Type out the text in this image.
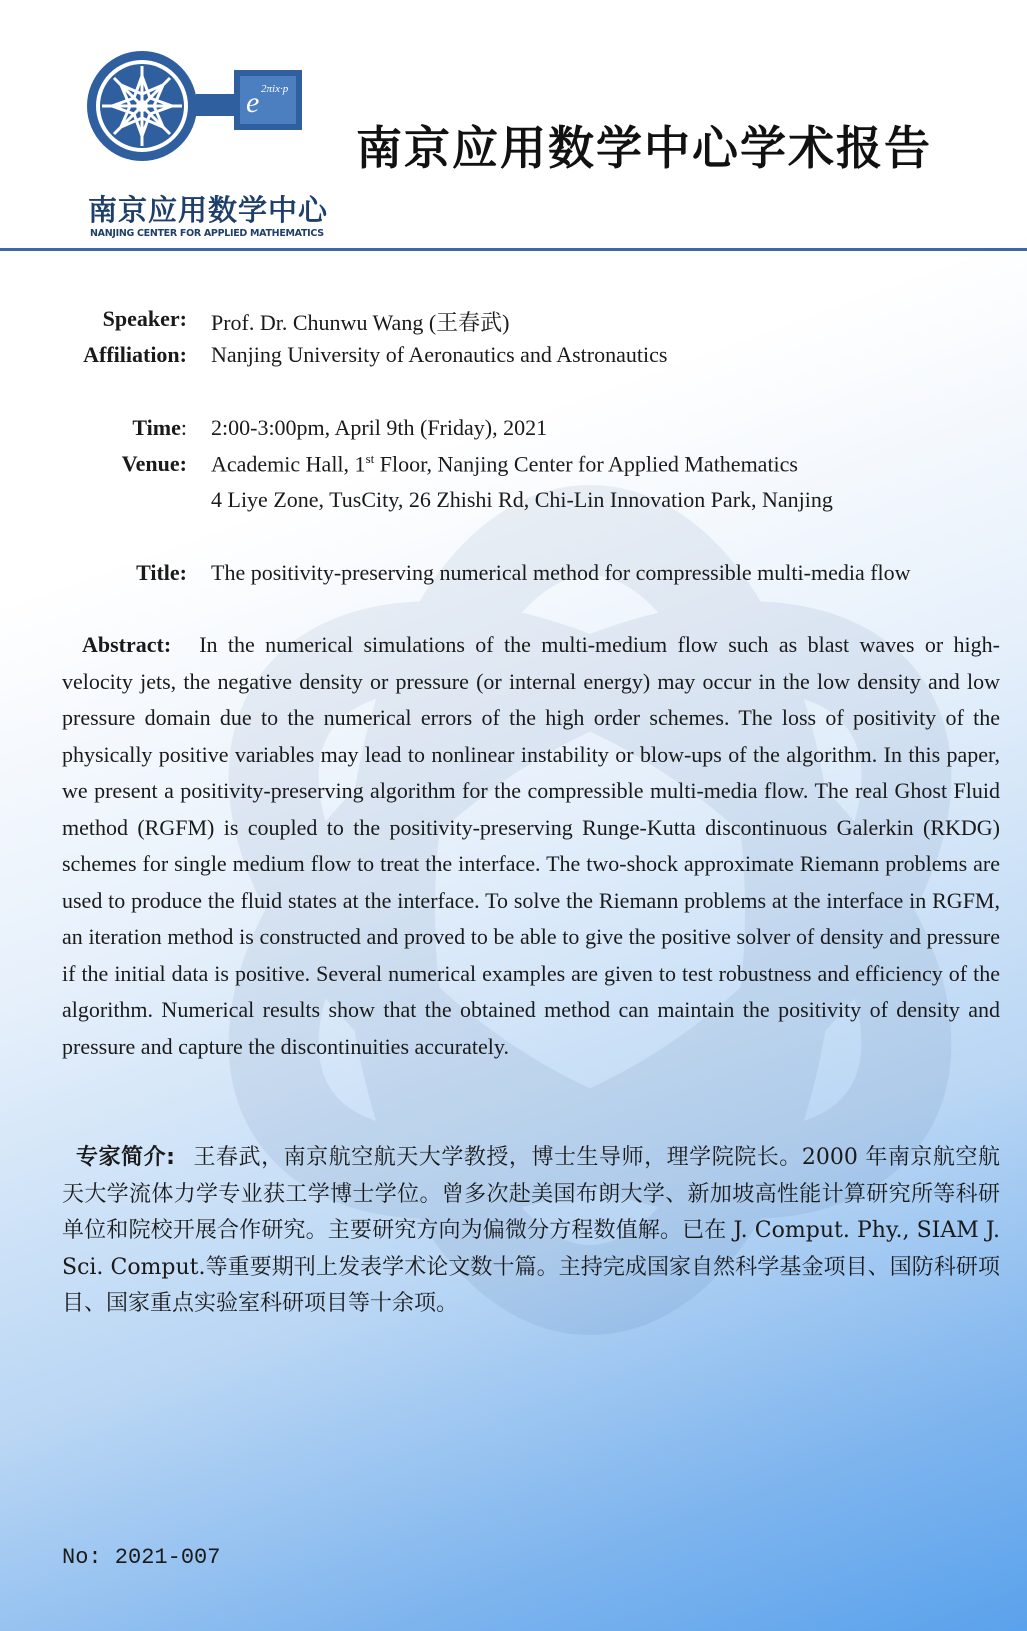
e 2πix·p
南京应用数学中心
NANJING CENTER FOR APPLIED MATHEMATICS
南京应用数学中心学术报告
Speaker: Prof. Dr. Chunwu Wang (王春武)
Affiliation: Nanjing University of Aeronautics and Astronautics
Time: 2:00-3:00pm, April 9th (Friday), 2021
Venue: Academic Hall, 1st Floor, Nanjing Center for Applied Mathematics
4 Liye Zone, TusCity, 26 Zhishi Rd, Chi-Lin Innovation Park, Nanjing
Title: The positivity-preserving numerical method for compressible multi-media flow
Abstract: In the numerical simulations of the multi-medium flow such as blast waves or high-velocity jets, the negative density or pressure (or internal energy) may occur in the low density and low pressure domain due to the numerical errors of the high order schemes. The loss of positivity of the physically positive variables may lead to nonlinear instability or blow-ups of the algorithm. In this paper, we present a positivity-preserving algorithm for the compressible multi-media flow. The real Ghost Fluid method (RGFM) is coupled to the positivity-preserving Runge-Kutta discontinuous Galerkin (RKDG) schemes for single medium flow to treat the interface. The two-shock approximate Riemann problems are used to produce the fluid states at the interface. To solve the Riemann problems at the interface in RGFM, an iteration method is constructed and proved to be able to give the positive solver of density and pressure if the initial data is positive. Several numerical examples are given to test robustness and efficiency of the algorithm. Numerical results show that the obtained method can maintain the positivity of density and pressure and capture the discontinuities accurately.
专家简介: 王春武，南京航空航天大学教授，博士生导师，理学院院长。2000 年南京航空航天大学流体力学专业获工学博士学位。曾多次赴美国布朗大学、新加坡高性能计算研究所等科研单位和院校开展合作研究。主要研究方向为偏微分方程数值解。已在 J. Comput. Phy., SIAM J. Sci. Comput.等重要期刊上发表学术论文数十篇。主持完成国家自然科学基金项目、国防科研项目、国家重点实验室科研项目等十余项。
No: 2021-007
